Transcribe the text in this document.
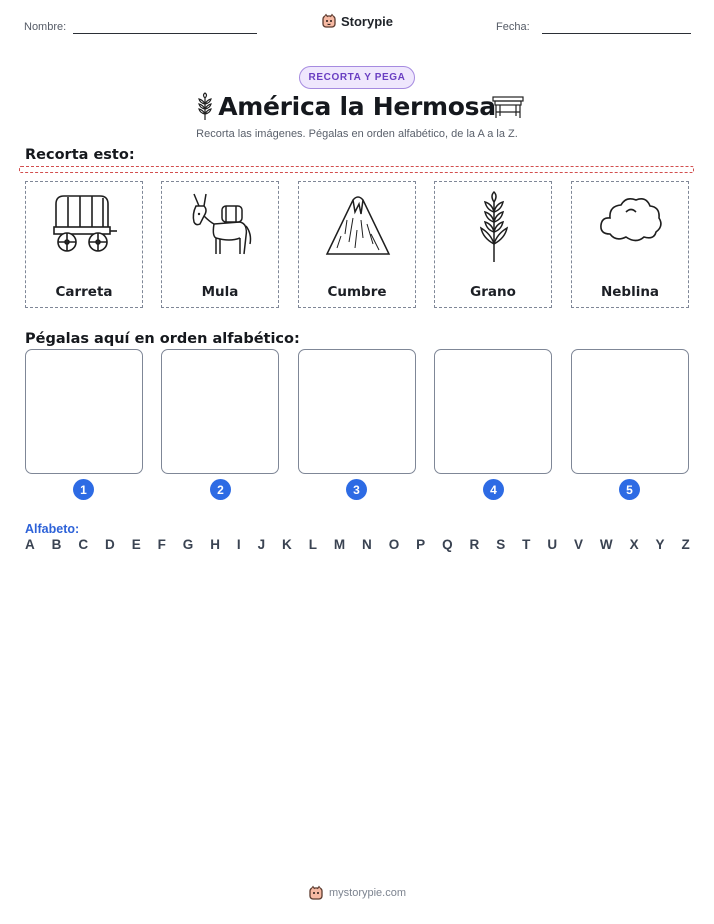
Nombre:	Storypie	Fecha:
RECORTA Y PEGA
América la Hermosa
Recorta las imágenes. Pégalas en orden alfabético, de la A a la Z.
Recorta esto:
Carreta	Mula	Cumbre	Grano	Neblina
Pégalas aquí en orden alfabético:
1	2	3	4	5
Alfabeto:
A B C D E F G H I J K L M N O P Q R S T U V W X Y Z
mystorypie.com
